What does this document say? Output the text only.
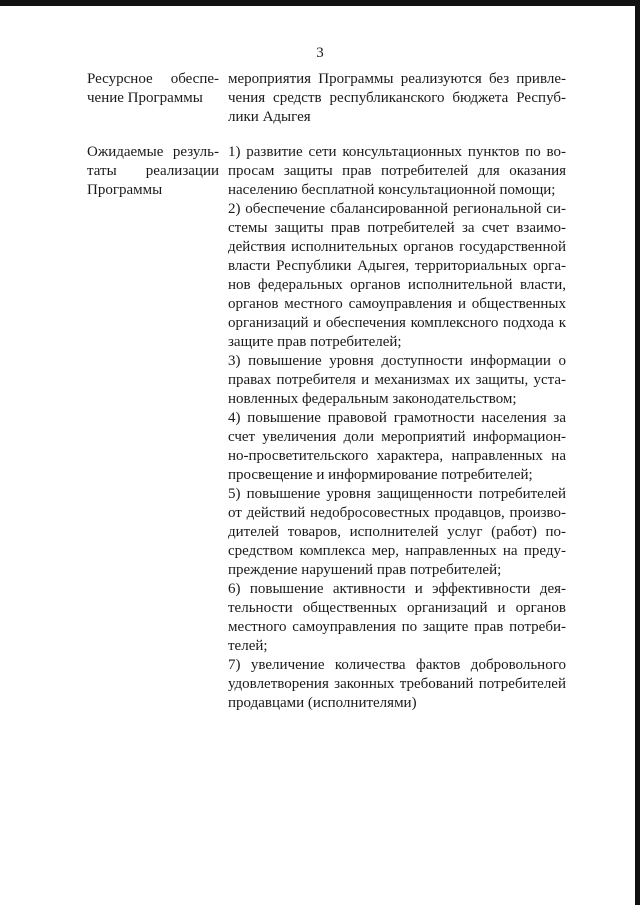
3
Ресурсное обеспе-
чение Программы
мероприятия Программы реализуются без привле-
чения средств республиканского бюджета Респуб-
лики Адыгея
Ожидаемые резуль-
таты реализации
Программы
1) развитие сети консультационных пунктов по во-
просам защиты прав потребителей для оказания
населению бесплатной консультационной помощи;
2) обеспечение сбалансированной региональной си-
стемы защиты прав потребителей за счет взаимо-
действия исполнительных органов государственной
власти Республики Адыгея, территориальных орга-
нов федеральных органов исполнительной власти,
органов местного самоуправления и общественных
организаций и обеспечения комплексного подхода к
защите прав потребителей;
3) повышение уровня доступности информации о
правах потребителя и механизмах их защиты, уста-
новленных федеральным законодательством;
4) повышение правовой грамотности населения за
счет увеличения доли мероприятий информацион-
но-просветительского характера, направленных на
просвещение и информирование потребителей;
5) повышение уровня защищенности потребителей
от действий недобросовестных продавцов, произво-
дителей товаров, исполнителей услуг (работ) по-
средством комплекса мер, направленных на преду-
преждение нарушений прав потребителей;
6) повышение активности и эффективности дея-
тельности общественных организаций и органов
местного самоуправления по защите прав потреби-
телей;
7) увеличение количества фактов добровольного
удовлетворения законных требований потребителей
продавцами (исполнителями)
